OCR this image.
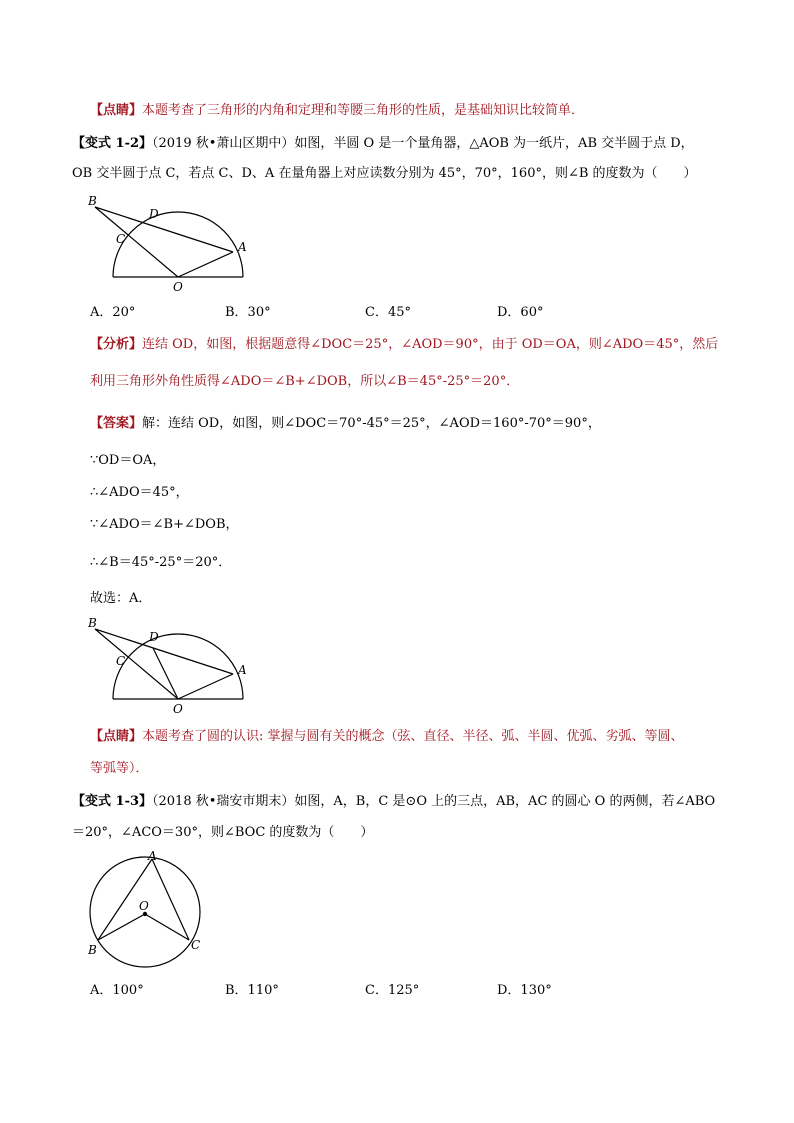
【点睛】本题考查了三角形的内角和定理和等腰三角形的性质，是基础知识比较简单．
【变式 1-2】（2019 秋•萧山区期中）如图，半圆 O 是一个量角器，△AOB 为一纸片，AB 交半圆于点 D，
OB 交半圆于点 C，若点 C、D、A 在量角器上对应读数分别为 45°，70°，160°，则∠B 的度数为（　　）
B
D
C
A
O
A．20°	B．30°	C．45°	D．60°
【分析】连结 OD，如图，根据题意得∠DOC＝25°，∠AOD＝90°，由于 OD＝OA，则∠ADO＝45°，然后
利用三角形外角性质得∠ADO＝∠B+∠DOB，所以∠B＝45°-25°＝20°．
【答案】解：连结 OD，如图，则∠DOC＝70°-45°＝25°，∠AOD＝160°-70°＝90°，
∵OD＝OA，
∴∠ADO＝45°，
∵∠ADO＝∠B+∠DOB，
∴∠B＝45°-25°＝20°．
故选：A．
B
D
C
A
O
【点睛】本题考查了圆的认识: 掌握与圆有关的概念（弦、直径、半径、弧、半圆、优弧、劣弧、等圆、
等弧等）．
【变式 1-3】（2018 秋•瑞安市期末）如图，A，B，C 是⊙O 上的三点，AB，AC 的圆心 O 的两侧，若∠ABO
＝20°，∠ACO＝30°，则∠BOC 的度数为（　　）
A
O
B	C
A．100°	B．110°	C．125°	D．130°
